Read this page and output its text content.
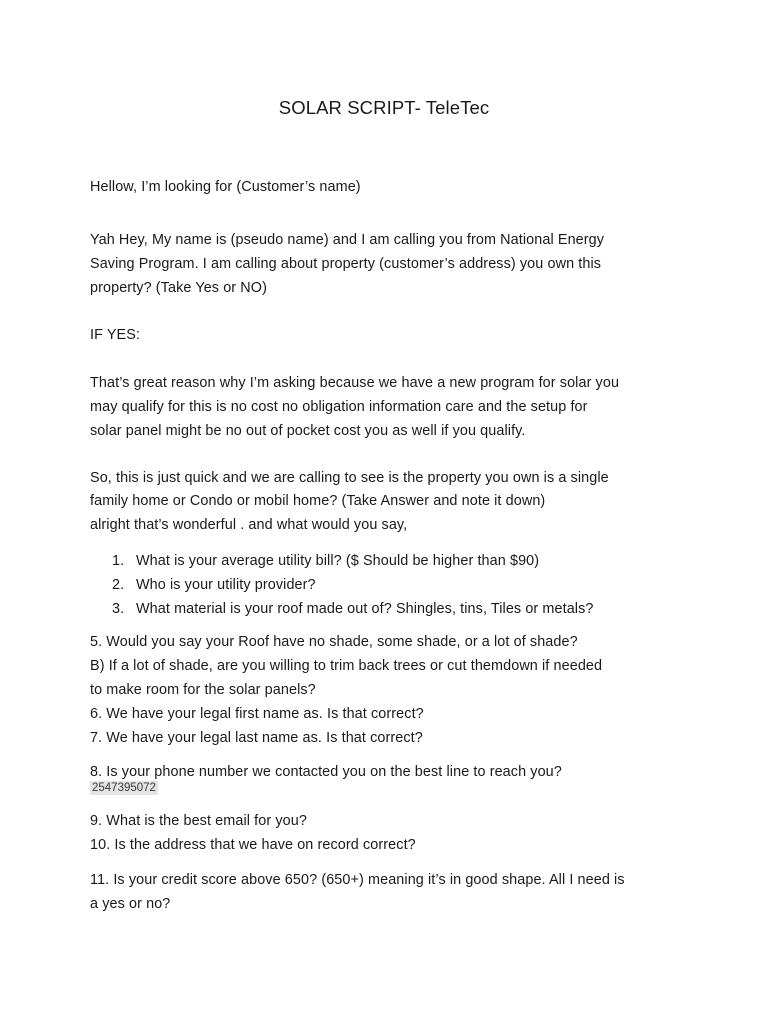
SOLAR SCRIPT- TeleTec
Hellow, I’m looking for (Customer’s name)
Yah Hey, My name is (pseudo name) and I am calling you from National Energy
Saving Program. I am calling about property (customer’s address) you own this
property? (Take Yes or NO)
IF YES:
That’s great reason why I’m asking because we have a new program for solar you
may qualify for this is no cost no obligation information care and the setup for
solar panel might be no out of pocket cost you as well if you qualify.
So, this is just quick and we are calling to see is the property you own is a single
family home or Condo or mobil home? (Take Answer and note it down)
alright that’s wonderful . and what would you say,
1. What is your average utility bill? ($ Should be higher than $90)
2. Who is your utility provider?
3. What material is your roof made out of? Shingles, tins, Tiles or metals?
5. Would you say your Roof have no shade, some shade, or a lot of shade?
B) If a lot of shade, are you willing to trim back trees or cut themdown if needed
to make room for the solar panels?
6. We have your legal first name as. Is that correct?
7. We have your legal last name as. Is that correct?
8. Is your phone number we contacted you on the best line to reach you?
2547395072
9. What is the best email for you?
10. Is the address that we have on record correct?
11. Is your credit score above 650? (650+) meaning it’s in good shape. All I need is
a yes or no?
